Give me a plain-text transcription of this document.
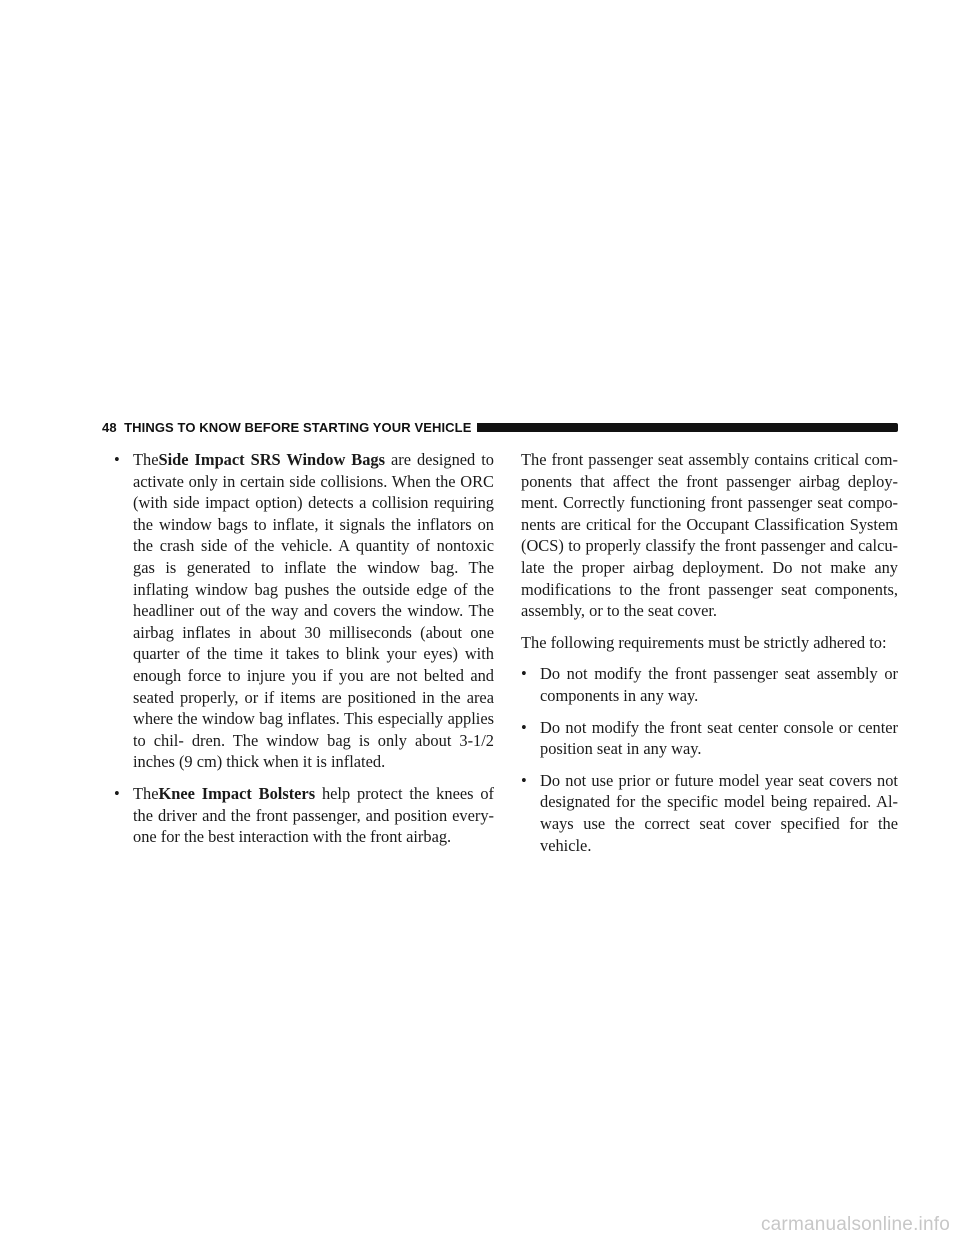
48 THINGS TO KNOW BEFORE STARTING YOUR VEHICLE
• TheSide Impact SRS Window Bags are designed to activate only in certain side collisions. When the ORC (with side impact option) detects a collision requiring the window bags to inflate, it signals the inflators on the crash side of the vehicle. A quantity of nontoxic gas is generated to inflate the window bag. The inflating window bag pushes the outside edge of the headliner out of the way and covers the window. The airbag inflates in about 30 milliseconds (about one quarter of the time it takes to blink your eyes) with enough force to injure you if you are not belted and seated properly, or if items are positioned in the area where the window bag inflates. This especially applies to chil- dren. The window bag is only about 3-1/2 inches (9 cm) thick when it is inflated.
• TheKnee Impact Bolsters help protect the knees of the driver and the front passenger, and position every- one for the best interaction with the front airbag.

The front passenger seat assembly contains critical com- ponents that affect the front passenger airbag deploy- ment. Correctly functioning front passenger seat compo- nents are critical for the Occupant Classification System (OCS) to properly classify the front passenger and calcu- late the proper airbag deployment. Do not make any modifications to the front passenger seat components, assembly, or to the seat cover.

The following requirements must be strictly adhered to:

• Do not modify the front passenger seat assembly or components in any way.
• Do not modify the front seat center console or center position seat in any way.
• Do not use prior or future model year seat covers not designated for the specific model being repaired. Al- ways use the correct seat cover specified for the vehicle.
carmanualsonline.info
